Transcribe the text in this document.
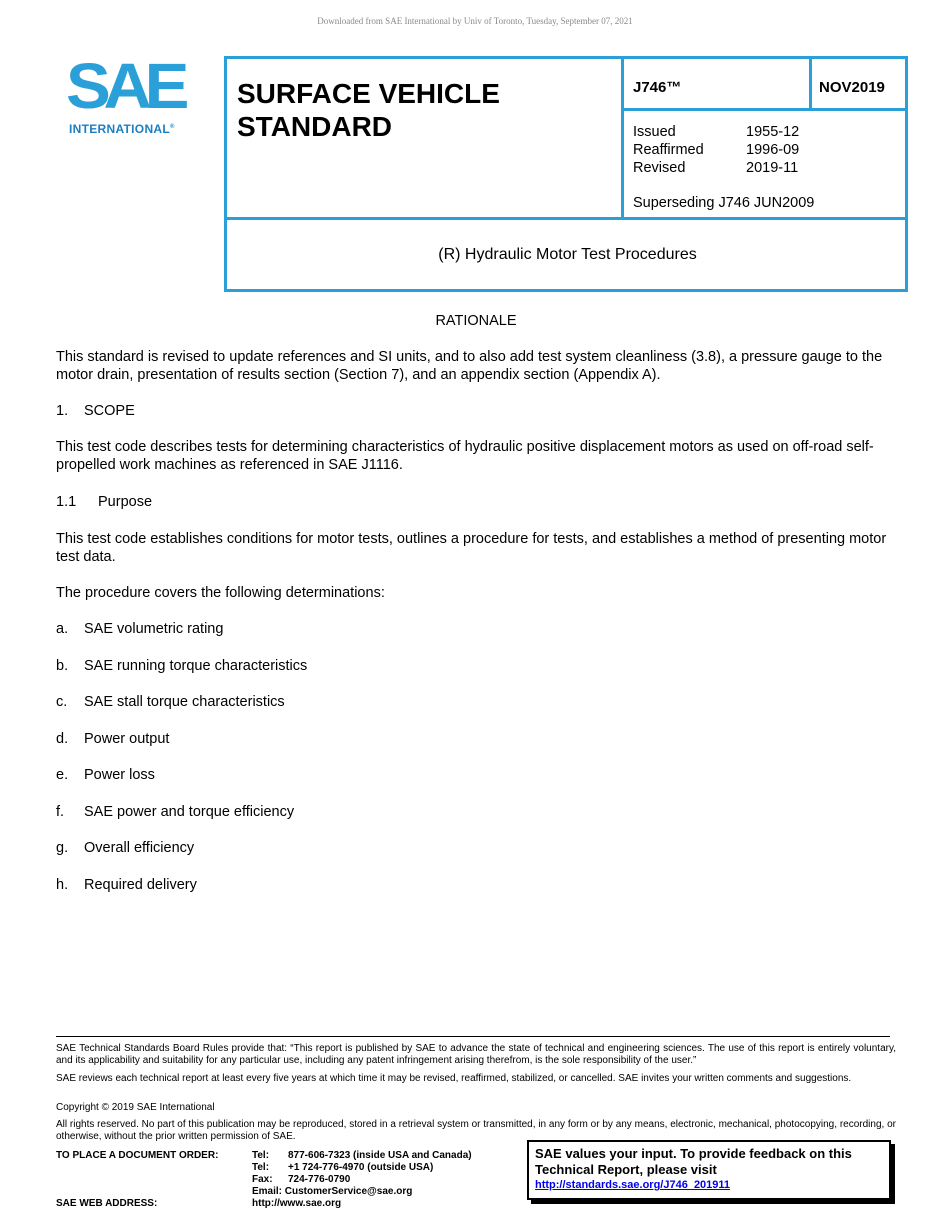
Downloaded from SAE International by Univ of Toronto, Tuesday, September 07, 2021
SAE
INTERNATIONAL®
SURFACE VEHICLE STANDARD
J746™	NOV2019
Issued	1955-12
Reaffirmed	1996-09
Revised	2019-11
Superseding J746 JUN2009
(R) Hydraulic Motor Test Procedures
RATIONALE
This standard is revised to update references and SI units, and to also add test system cleanliness (3.8), a pressure gauge to the motor drain, presentation of results section (Section 7), and an appendix section (Appendix A).
1.	SCOPE
This test code describes tests for determining characteristics of hydraulic positive displacement motors as used on off-road self-propelled work machines as referenced in SAE J1116.
1.1	Purpose
This test code establishes conditions for motor tests, outlines a procedure for tests, and establishes a method of presenting motor test data.
The procedure covers the following determinations:
a.	SAE volumetric rating
b.	SAE running torque characteristics
c.	SAE stall torque characteristics
d.	Power output
e.	Power loss
f.	SAE power and torque efficiency
g.	Overall efficiency
h.	Required delivery
SAE Technical Standards Board Rules provide that: “This report is published by SAE to advance the state of technical and engineering sciences. The use of this report is entirely voluntary, and its applicability and suitability for any particular use, including any patent infringement arising therefrom, is the sole responsibility of the user.”
SAE reviews each technical report at least every five years at which time it may be revised, reaffirmed, stabilized, or cancelled. SAE invites your written comments and suggestions.
Copyright © 2019 SAE International
All rights reserved. No part of this publication may be reproduced, stored in a retrieval system or transmitted, in any form or by any means, electronic, mechanical, photocopying, recording, or otherwise, without the prior written permission of SAE.
TO PLACE A DOCUMENT ORDER:	Tel: 877-606-7323 (inside USA and Canada)
Tel: +1 724-776-4970 (outside USA)
Fax: 724-776-0790
Email: CustomerService@sae.org
SAE WEB ADDRESS:	http://www.sae.org
SAE values your input. To provide feedback on this Technical Report, please visit
http://standards.sae.org/J746_201911
